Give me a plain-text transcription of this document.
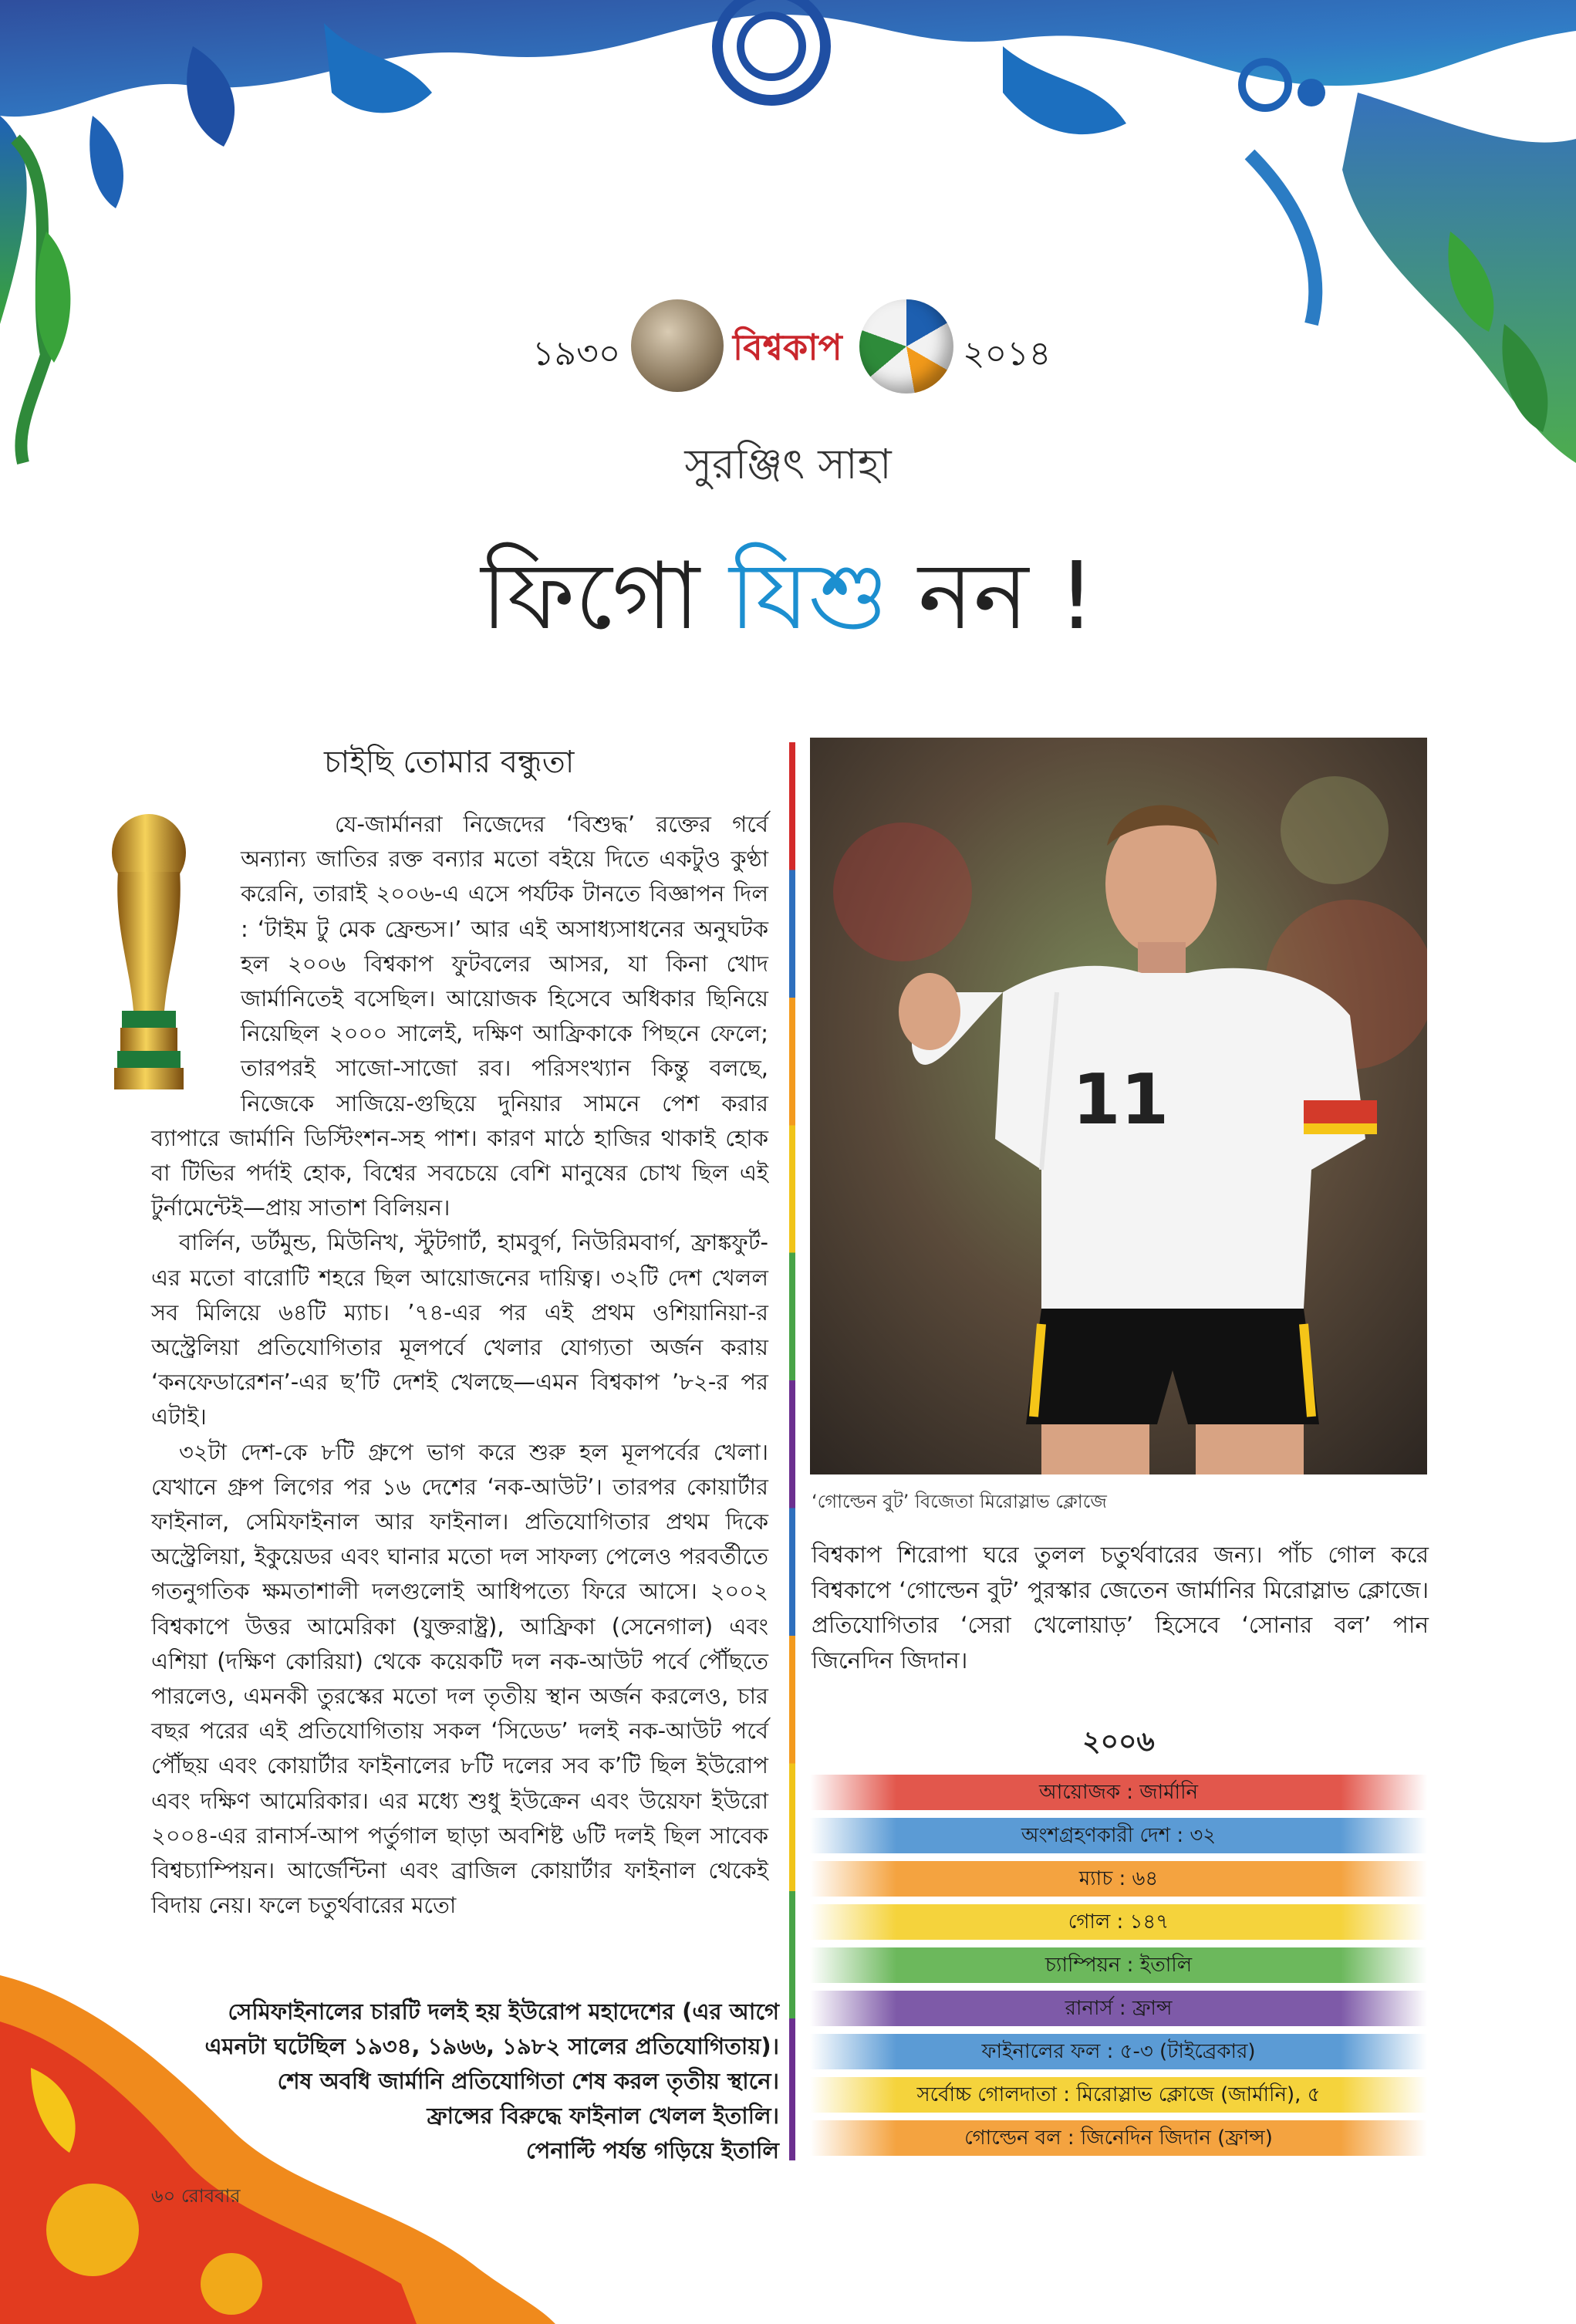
১৯৩০	বিশ্বকাপ	২০১৪
সুরঞ্জিৎ সাহা
ফিগো যিশু নন !
চাইছি তোমার বন্ধুতা

যে-জার্মানরা নিজেদের ‘বিশুদ্ধ’ রক্তের গর্বে অন্যান্য জাতির রক্ত বন্যার মতো বইয়ে দিতে একটুও কুণ্ঠা করেনি, তারাই ২০০৬-এ এসে পর্যটক টানতে বিজ্ঞাপন দিল : ‘টাইম টু মেক ফ্রেন্ডস।’ আর এই অসাধ্যসাধনের অনুঘটক হল ২০০৬ বিশ্বকাপ ফুটবলের আসর, যা কিনা খোদ জার্মানিতেই বসেছিল। আয়োজক হিসেবে অধিকার ছিনিয়ে নিয়েছিল ২০০০ সালেই, দক্ষিণ আফ্রিকাকে পিছনে ফেলে; তারপরই সাজো-সাজো রব। পরিসংখ্যান কিন্তু বলছে, নিজেকে সাজিয়ে-গুছিয়ে দুনিয়ার সামনে পেশ করার ব্যাপারে জার্মানি ডিস্টিংশন-সহ পাশ। কারণ মাঠে হাজির থাকাই হোক বা টিভির পর্দাই হোক, বিশ্বের সবচেয়ে বেশি মানুষের চোখ ছিল এই টুর্নামেন্টেই—প্রায় সাতাশ বিলিয়ন।

বার্লিন, ডর্টমুন্ড, মিউনিখ, স্টুটগার্ট, হামবুর্গ, নিউরিমবার্গ, ফ্রাঙ্কফুর্ট-এর মতো বারোটি শহরে ছিল আয়োজনের দায়িত্ব। ৩২টি দেশ খেলল সব মিলিয়ে ৬৪টি ম্যাচ। ’৭৪-এর পর এই প্রথম ওশিয়ানিয়া-র অস্ট্রেলিয়া প্রতিযোগিতার মূলপর্বে খেলার যোগ্যতা অর্জন করায় ‘কনফেডারেশন’-এর ছ’টি দেশই খেলছে—এমন বিশ্বকাপ ’৮২-র পর এটাই।

৩২টা দেশ-কে ৮টি গ্রুপে ভাগ করে শুরু হল মূলপর্বের খেলা। যেখানে গ্রুপ লিগের পর ১৬ দেশের ‘নক-আউট’। তারপর কোয়ার্টার ফাইনাল, সেমিফাইনাল আর ফাইনাল। প্রতিযোগিতার প্রথম দিকে অস্ট্রেলিয়া, ইকুয়েডর এবং ঘানার মতো দল সাফল্য পেলেও পরবর্তীতে গতনুগতিক ক্ষমতাশালী দলগুলোই আধিপত্যে ফিরে আসে। ২০০২ বিশ্বকাপে উত্তর আমেরিকা (যুক্তরাষ্ট্র), আফ্রিকা (সেনেগাল) এবং এশিয়া (দক্ষিণ কোরিয়া) থেকে কয়েকটি দল নক-আউট পর্বে পৌঁছতে পারলেও, এমনকী তুরস্কের মতো দল তৃতীয় স্থান অর্জন করলেও, চার বছর পরের এই প্রতিযোগিতায় সকল ‘সিডেড’ দলই নক-আউট পর্বে পৌঁছয় এবং কোয়ার্টার ফাইনালের ৮টি দলের সব ক’টি ছিল ইউরোপ এবং দক্ষিণ আমেরিকার। এর মধ্যে শুধু ইউক্রেন এবং উয়েফা ইউরো ২০০৪-এর রানার্স-আপ পর্তুগাল ছাড়া অবশিষ্ট ৬টি দলই ছিল সাবেক বিশ্বচ্যাম্পিয়ন। আর্জেন্টিনা এবং ব্রাজিল কোয়ার্টার ফাইনাল থেকেই বিদায় নেয়। ফলে চতুর্থবারের মতো

সেমিফাইনালের চারটি দলই হয় ইউরোপ মহাদেশের (এর আগে
এমনটা ঘটেছিল ১৯৩৪, ১৯৬৬, ১৯৮২ সালের প্রতিযোগিতায়)।
শেষ অবধি জার্মানি প্রতিযোগিতা শেষ করল তৃতীয় স্থানে।
ফ্রান্সের বিরুদ্ধে ফাইনাল খেলল ইতালি।
পেনাল্টি পর্যন্ত গড়িয়ে ইতালি
৬০ রোববার
11
‘গোল্ডেন বুট’ বিজেতা মিরোস্লাভ ক্লোজে
বিশ্বকাপ শিরোপা ঘরে তুলল চতুর্থবারের জন্য। পাঁচ গোল করে বিশ্বকাপে ‘গোল্ডেন বুট’ পুরস্কার জেতেন জার্মানির মিরোস্লাভ ক্লোজে। প্রতিযোগিতার ‘সেরা খেলোয়াড়’ হিসেবে ‘সোনার বল’ পান জিনেদিন জিদান।
২০০৬
আয়োজক : জার্মানি
অংশগ্রহণকারী দেশ : ৩২
ম্যাচ : ৬৪
গোল : ১৪৭
চ্যাম্পিয়ন : ইতালি
রানার্স : ফ্রান্স
ফাইনালের ফল : ৫-৩ (টাইব্রেকার)
সর্বোচ্চ গোলদাতা : মিরোস্লাভ ক্লোজে (জার্মানি), ৫
গোল্ডেন বল : জিনেদিন জিদান (ফ্রান্স)
